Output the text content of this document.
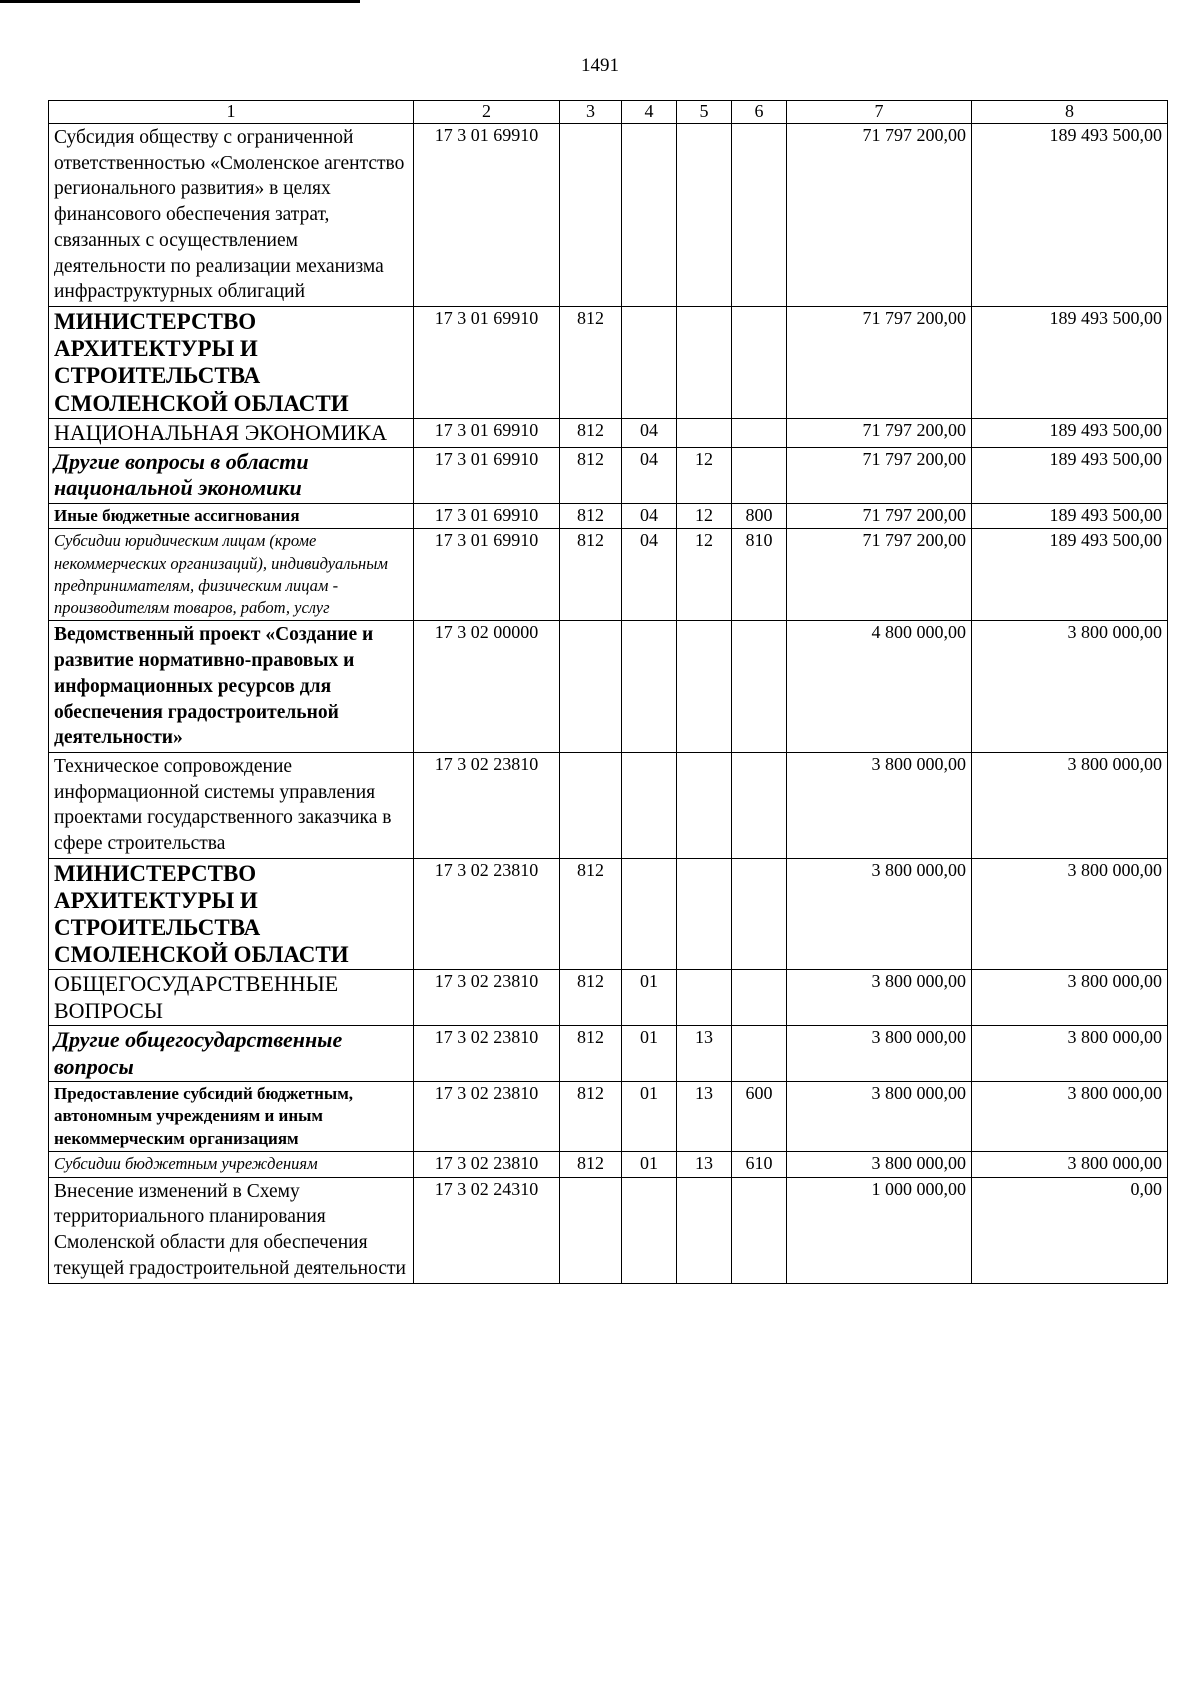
1491
1	2	3	4	5	6	7	8
Субсидия обществу с ограниченной ответственностью «Смоленское агентство регионального развития» в целях финансового обеспечения затрат, связанных с осуществлением деятельности по реализации механизма инфраструктурных облигаций	17 3 01 69910					71 797 200,00	189 493 500,00
МИНИСТЕРСТВО АРХИТЕКТУРЫ И СТРОИТЕЛЬСТВА СМОЛЕНСКОЙ ОБЛАСТИ	17 3 01 69910	812				71 797 200,00	189 493 500,00
НАЦИОНАЛЬНАЯ ЭКОНОМИКА	17 3 01 69910	812	04			71 797 200,00	189 493 500,00
Другие вопросы в области национальной экономики	17 3 01 69910	812	04	12		71 797 200,00	189 493 500,00
Иные бюджетные ассигнования	17 3 01 69910	812	04	12	800	71 797 200,00	189 493 500,00
Субсидии юридическим лицам (кроме некоммерческих организаций), индивидуальным предпринимателям, физическим лицам - производителям товаров, работ, услуг	17 3 01 69910	812	04	12	810	71 797 200,00	189 493 500,00
Ведомственный проект «Создание и развитие нормативно-правовых и информационных ресурсов для обеспечения градостроительной деятельности»	17 3 02 00000					4 800 000,00	3 800 000,00
Техническое сопровождение информационной системы управления проектами государственного заказчика в сфере строительства	17 3 02 23810					3 800 000,00	3 800 000,00
МИНИСТЕРСТВО АРХИТЕКТУРЫ И СТРОИТЕЛЬСТВА СМОЛЕНСКОЙ ОБЛАСТИ	17 3 02 23810	812				3 800 000,00	3 800 000,00
ОБЩЕГОСУДАРСТВЕННЫЕ ВОПРОСЫ	17 3 02 23810	812	01			3 800 000,00	3 800 000,00
Другие общегосударственные вопросы	17 3 02 23810	812	01	13		3 800 000,00	3 800 000,00
Предоставление субсидий бюджетным, автономным учреждениям и иным некоммерческим организациям	17 3 02 23810	812	01	13	600	3 800 000,00	3 800 000,00
Субсидии бюджетным учреждениям	17 3 02 23810	812	01	13	610	3 800 000,00	3 800 000,00
Внесение изменений в Схему территориального планирования Смоленской области для обеспечения текущей градостроительной деятельности	17 3 02 24310					1 000 000,00	0,00
